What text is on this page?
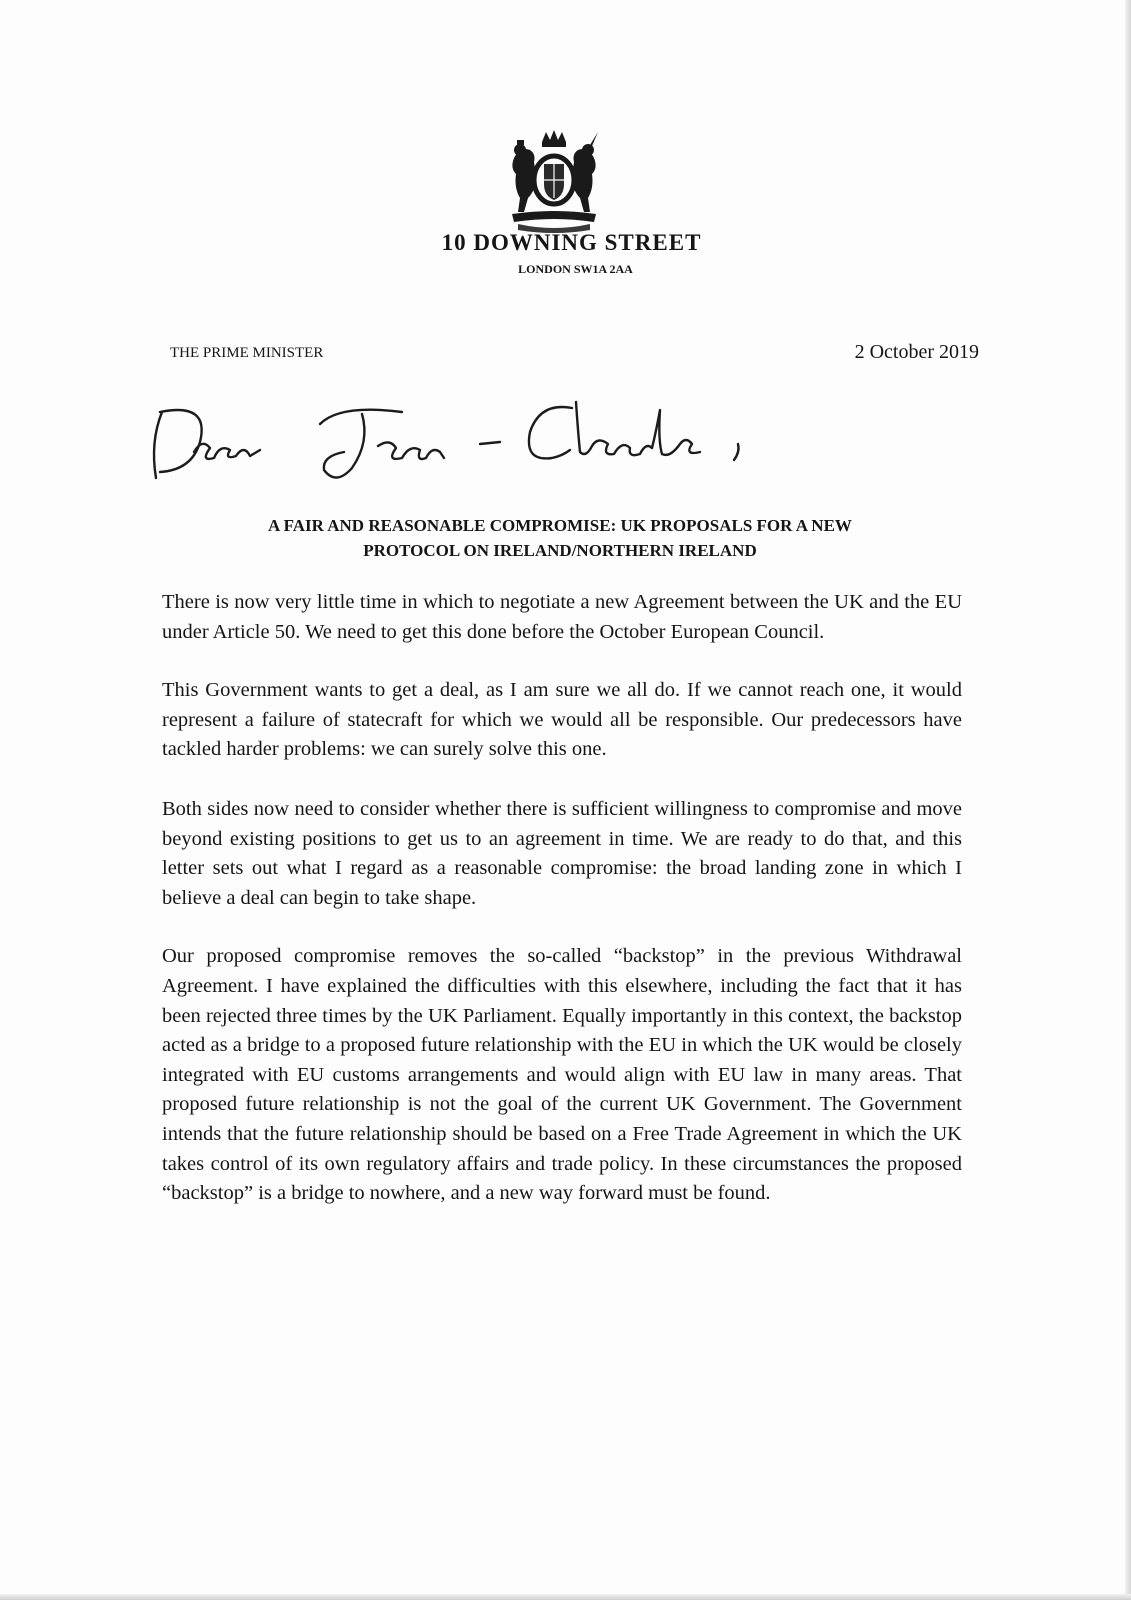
10 DOWNING STREET
LONDON SW1A 2AA
THE PRIME MINISTER	2 October 2019
A FAIR AND REASONABLE COMPROMISE: UK PROPOSALS FOR A NEW
PROTOCOL ON IRELAND/NORTHERN IRELAND

There is now very little time in which to negotiate a new Agreement between the UK and the EU under Article 50. We need to get this done before the October European Council.

This Government wants to get a deal, as I am sure we all do. If we cannot reach one, it would represent a failure of statecraft for which we would all be responsible. Our predecessors have tackled harder problems: we can surely solve this one.

Both sides now need to consider whether there is sufficient willingness to compromise and move beyond existing positions to get us to an agreement in time. We are ready to do that, and this letter sets out what I regard as a reasonable compromise: the broad landing zone in which I believe a deal can begin to take shape.

Our proposed compromise removes the so-called “backstop” in the previous Withdrawal Agreement. I have explained the difficulties with this elsewhere, including the fact that it has been rejected three times by the UK Parliament. Equally importantly in this context, the backstop acted as a bridge to a proposed future relationship with the EU in which the UK would be closely integrated with EU customs arrangements and would align with EU law in many areas. That proposed future relationship is not the goal of the current UK Government. The Government intends that the future relationship should be based on a Free Trade Agreement in which the UK takes control of its own regulatory affairs and trade policy. In these circumstances the proposed “backstop” is a bridge to nowhere, and a new way forward must be found.
